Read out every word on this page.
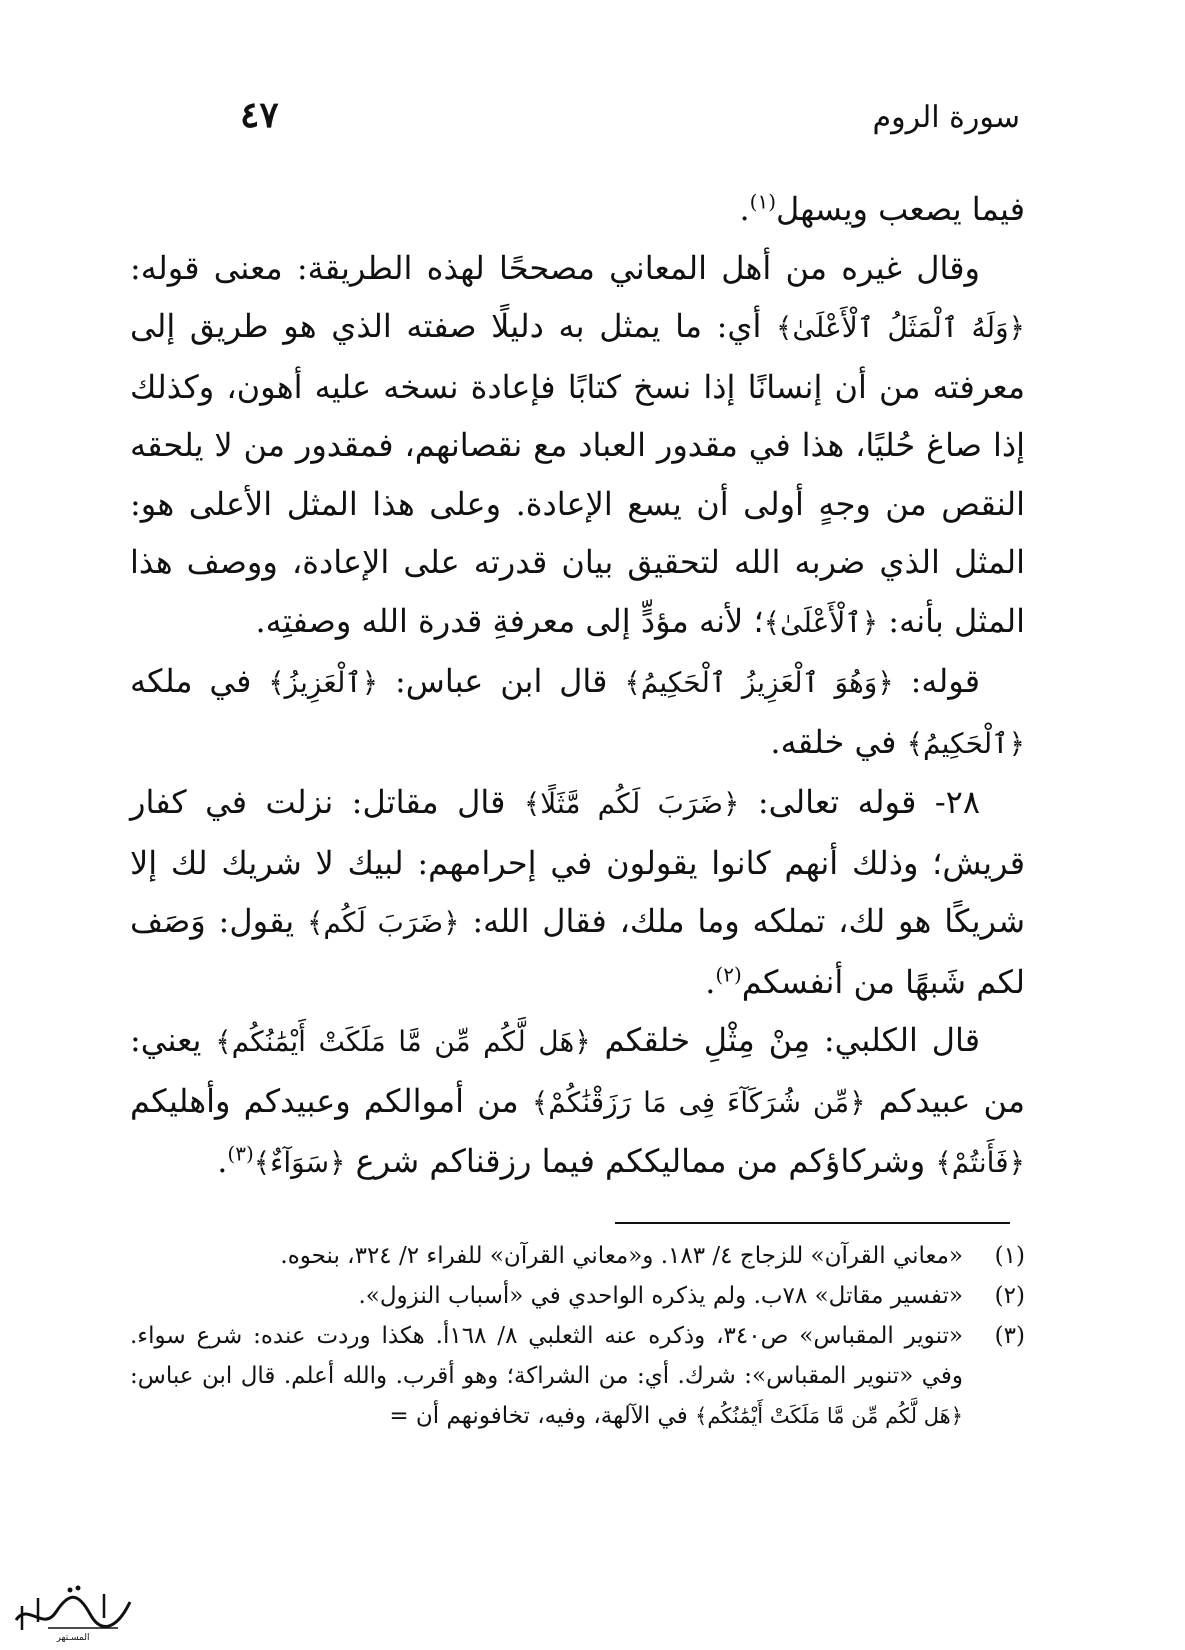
سورة الروم
٤٧

فيما يصعب ويسهل$^{(١)}$.

وقال غيره من أهل المعاني مصححًا لهذه الطريقة: معنى قوله: ﴿وَلَهُ ٱلْمَثَلُ ٱلْأَعْلَىٰ﴾ أي: ما يمثل به دليلًا صفته الذي هو طريق إلى معرفته من أن إنسانًا إذا نسخ كتابًا فإعادة نسخه عليه أهون، وكذلك إذا صاغ حُليًا، هذا في مقدور العباد مع نقصانهم، فمقدور من لا يلحقه النقص من وجهٍ أولى أن يسع الإعادة. وعلى هذا المثل الأعلى هو: المثل الذي ضربه الله لتحقيق بيان قدرته على الإعادة، ووصف هذا المثل بأنه: ﴿ٱلْأَعْلَىٰ﴾؛ لأنه مؤدٍّ إلى معرفةِ قدرة الله وصفتِه.

قوله: ﴿وَهُوَ ٱلْعَزِيزُ ٱلْحَكِيمُ﴾ قال ابن عباس: ﴿ٱلْعَزِيزُ﴾ في ملكه ﴿ٱلْحَكِيمُ﴾ في خلقه.

٢٨- قوله تعالى: ﴿ضَرَبَ لَكُم مَّثَلًا﴾ قال مقاتل: نزلت في كفار قريش؛ وذلك أنهم كانوا يقولون في إحرامهم: لبيك لا شريك لك إلا شريكًا هو لك، تملكه وما ملك، فقال الله: ﴿ضَرَبَ لَكُم﴾ يقول: وَصَف لكم شَبهًا من أنفسكم$^{(٢)}$.

قال الكلبي: مِنْ مِثْلِ خلقكم ﴿هَل لَّكُم مِّن مَّا مَلَكَتْ أَيْمَٰنُكُم﴾ يعني: من عبيدكم ﴿مِّن شُرَكَآءَ فِى مَا رَزَقْنَٰكُمْ﴾ من أموالكم وعبيدكم وأهليكم ﴿فَأَنتُمْ﴾ وشركاؤكم من مماليككم فيما رزقناكم شرع ﴿سَوَآءٌ﴾$^{(٣)}$.

(١)
«معاني القرآن» للزجاج ٤/ ١٨٣. و«معاني القرآن» للفراء ٢/ ٣٢٤، بنحوه.
(٢)
«تفسير مقاتل» ٧٨ب. ولم يذكره الواحدي في «أسباب النزول».
(٣)
«تنوير المقباس» ص٣٤٠، وذكره عنه الثعلبي ٨/ ١٦٨أ. هكذا وردت عنده: شرع سواء. وفي «تنوير المقباس»: شرك. أي: من الشراكة؛ وهو أقرب. والله أعلم. قال ابن عباس: ﴿هَل لَّكُم مِّن مَّا مَلَكَتْ أَيْمَٰنُكُم﴾ في الآلهة، وفيه، تخافونهم أن =
المسـتهر
